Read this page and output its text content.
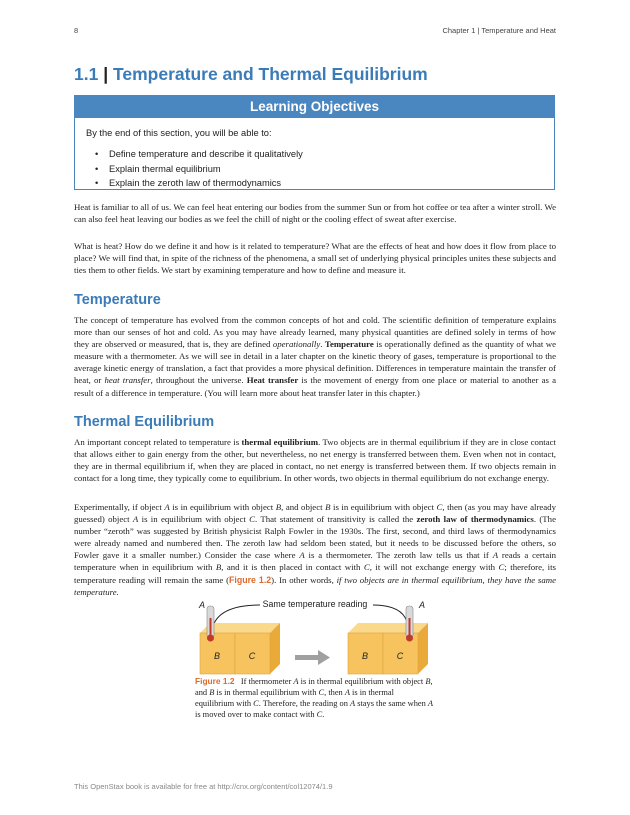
8	Chapter 1 | Temperature and Heat
1.1 | Temperature and Thermal Equilibrium
Learning Objectives
By the end of this section, you will be able to:
• Define temperature and describe it qualitatively
• Explain thermal equilibrium
• Explain the zeroth law of thermodynamics

Heat is familiar to all of us. We can feel heat entering our bodies from the summer Sun or from hot coffee or tea after a winter stroll. We can also feel heat leaving our bodies as we feel the chill of night or the cooling effect of sweat after exercise.

What is heat? How do we define it and how is it related to temperature? What are the effects of heat and how does it flow from place to place? We will find that, in spite of the richness of the phenomena, a small set of underlying physical principles unites these subjects and ties them to other fields. We start by examining temperature and how to define and measure it.

Temperature

The concept of temperature has evolved from the common concepts of hot and cold. The scientific definition of temperature explains more than our senses of hot and cold. As you may have already learned, many physical quantities are defined solely in terms of how they are observed or measured, that is, they are defined operationally. Temperature is operationally defined as the quantity of what we measure with a thermometer. As we will see in detail in a later chapter on the kinetic theory of gases, temperature is proportional to the average kinetic energy of translation, a fact that provides a more physical definition. Differences in temperature maintain the transfer of heat, or heat transfer, throughout the universe. Heat transfer is the movement of energy from one place or material to another as a result of a difference in temperature. (You will learn more about heat transfer later in this chapter.)

Thermal Equilibrium

An important concept related to temperature is thermal equilibrium. Two objects are in thermal equilibrium if they are in close contact that allows either to gain energy from the other, but nevertheless, no net energy is transferred between them. Even when not in contact, they are in thermal equilibrium if, when they are placed in contact, no net energy is transferred between them. If two objects remain in contact for a long time, they typically come to equilibrium. In other words, two objects in thermal equilibrium do not exchange energy.

Experimentally, if object A is in equilibrium with object B, and object B is in equilibrium with object C, then (as you may have already guessed) object A is in equilibrium with object C. That statement of transitivity is called the zeroth law of thermodynamics. (The number “zeroth” was suggested by British physicist Ralph Fowler in the 1930s. The first, second, and third laws of thermodynamics were already named and numbered then. The zeroth law had seldom been stated, but it needs to be discussed before the others, so Fowler gave it a smaller number.) Consider the case where A is a thermometer. The zeroth law tells us that if A reads a certain temperature when in equilibrium with B, and it is then placed in contact with C, it will not exchange energy with C; therefore, its temperature reading will remain the same (Figure 1.2). In other words, if two objects are in thermal equilibrium, they have the same temperature.

Same temperature reading
B	C
A
B	C
A
Figure 1.2 If thermometer A is in thermal equilibrium with object B, and B is in thermal equilibrium with C, then A is in thermal equilibrium with C. Therefore, the reading on A stays the same when A is moved over to make contact with C.
This OpenStax book is available for free at http://cnx.org/content/col12074/1.9
